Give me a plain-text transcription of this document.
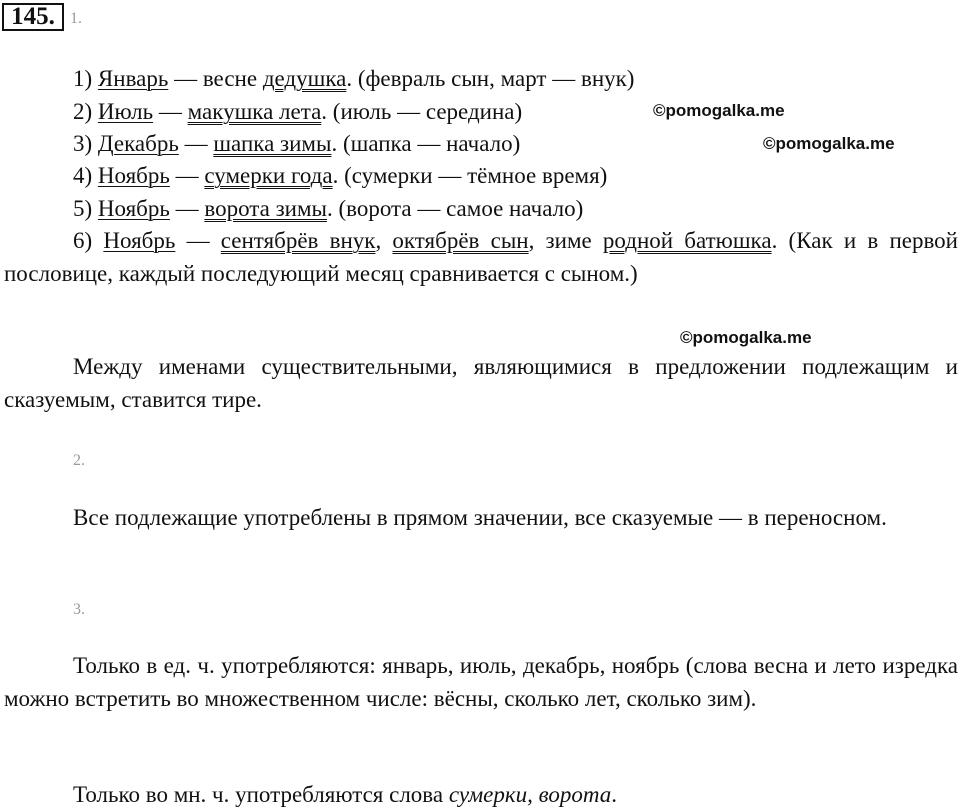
145. 1.
1) Январь — весне дедушка. (февраль сын, март — внук)
2) Июль — макушка лета. (июль — середина)
3) Декабрь — шапка зимы. (шапка — начало)
4) Ноябрь — сумерки года. (сумерки — тёмное время)
5) Ноябрь — ворота зимы. (ворота — самое начало)
6) Ноябрь — сентябрёв внук, октябрёв сын, зиме родной батюшка. (Как и в первой пословице, каждый последующий месяц сравнивается с сыном.)
Между именами существительными, являющимися в предложении подлежащим и сказуемым, ставится тире.
2.
Все подлежащие употреблены в прямом значении, все сказуемые — в переносном.
3.
Только в ед. ч. употребляются: январь, июль, декабрь, ноябрь (слова весна и лето изредка можно встретить во множественном числе: вёсны, сколько лет, сколько зим).
Только во мн. ч. употребляются слова сумерки, ворота.
©pomogalka.me
©pomogalka.me
©pomogalka.me
